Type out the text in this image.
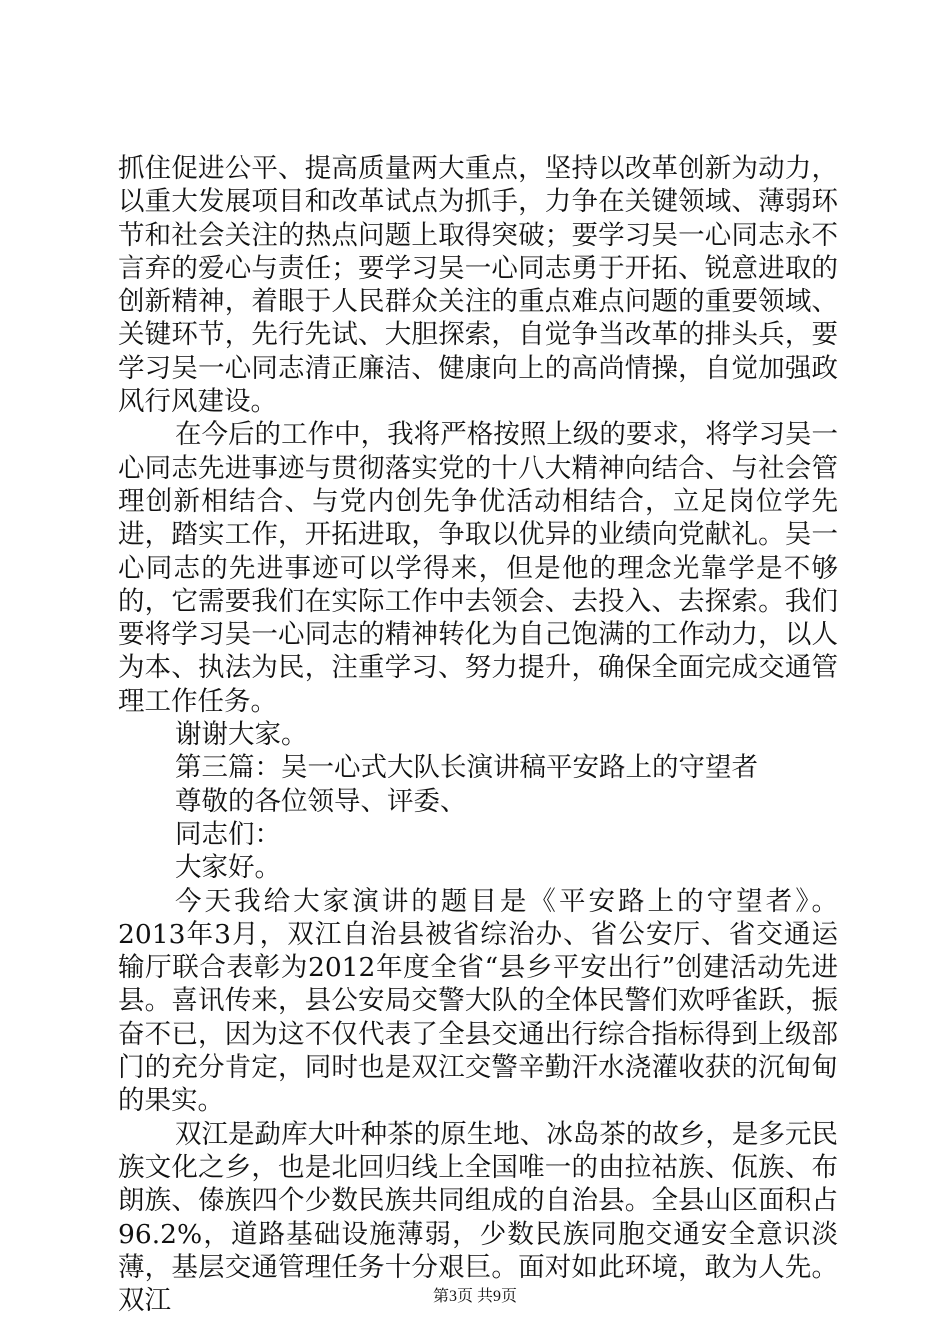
抓住促进公平、提高质量两大重点，坚持以改革创新为动力，以重大发展项目和改革试点为抓手，力争在关键领域、薄弱环节和社会关注的热点问题上取得突破；要学习吴一心同志永不言弃的爱心与责任；要学习吴一心同志勇于开拓、锐意进取的创新精神，着眼于人民群众关注的重点难点问题的重要领域、关键环节，先行先试、大胆探索，自觉争当改革的排头兵，要学习吴一心同志清正廉洁、健康向上的高尚情操，自觉加强政风行风建设。

在今后的工作中，我将严格按照上级的要求，将学习吴一心同志先进事迹与贯彻落实党的十八大精神向结合、与社会管理创新相结合、与党内创先争优活动相结合，立足岗位学先进，踏实工作，开拓进取，争取以优异的业绩向党献礼。吴一心同志的先进事迹可以学得来，但是他的理念光靠学是不够的，它需要我们在实际工作中去领会、去投入、去探索。我们要将学习吴一心同志的精神转化为自己饱满的工作动力，以人为本、执法为民，注重学习、努力提升，确保全面完成交通管理工作任务。

谢谢大家。

第三篇：吴一心式大队长演讲稿平安路上的守望者

尊敬的各位领导、评委、

同志们：

大家好。

今天我给大家演讲的题目是《平安路上的守望者》。2013年3月，双江自治县被省综治办、省公安厅、省交通运输厅联合表彰为2012年度全省“县乡平安出行”创建活动先进县。喜讯传来，县公安局交警大队的全体民警们欢呼雀跃，振奋不已，因为这不仅代表了全县交通出行综合指标得到上级部门的充分肯定，同时也是双江交警辛勤汗水浇灌收获的沉甸甸的果实。

双江是勐库大叶种茶的原生地、冰岛茶的故乡，是多元民族文化之乡，也是北回归线上全国唯一的由拉祜族、佤族、布朗族、傣族四个少数民族共同组成的自治县。全县山区面积占96.2%，道路基础设施薄弱，少数民族同胞交通安全意识淡薄，基层交通管理任务十分艰巨。面对如此环境，敢为人先。双江	第3页 共9页
